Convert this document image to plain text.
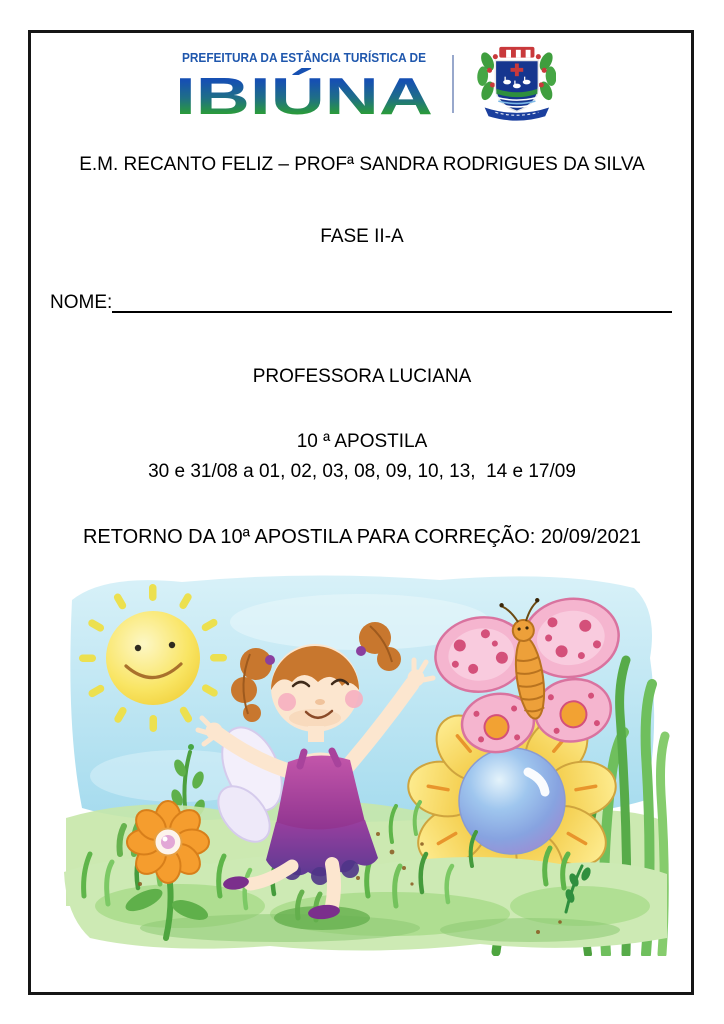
PREFEITURA DA ESTÂNCIA TURÍSTICA DE
IBIÚNA

E.M. RECANTO FELIZ – PROFª SANDRA RODRIGUES DA SILVA

FASE II-A

NOME:

PROFESSORA LUCIANA

10 ª APOSTILA

30 e 31/08 a 01, 02, 03, 08, 09, 10, 13,  14 e 17/09

RETORNO DA 10ª APOSTILA PARA CORREÇÃO: 20/09/2021
